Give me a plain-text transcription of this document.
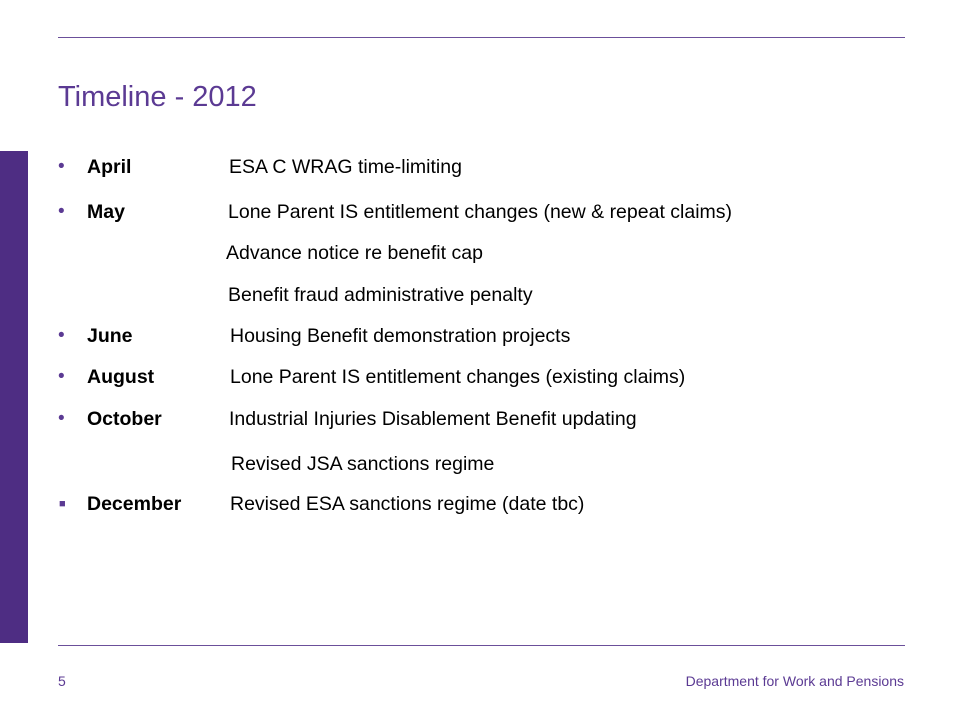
Timeline - 2012
•	April	ESA C WRAG time-limiting
•	May	Lone Parent IS entitlement changes (new & repeat claims)
Advance notice re benefit cap
Benefit fraud administrative penalty
•	June	Housing Benefit demonstration projects
•	August	Lone Parent IS entitlement changes (existing claims)
•	October	Industrial Injuries Disablement Benefit updating
Revised JSA sanctions regime
■	December Revised ESA sanctions regime (date tbc)
5	Department for Work and Pensions
